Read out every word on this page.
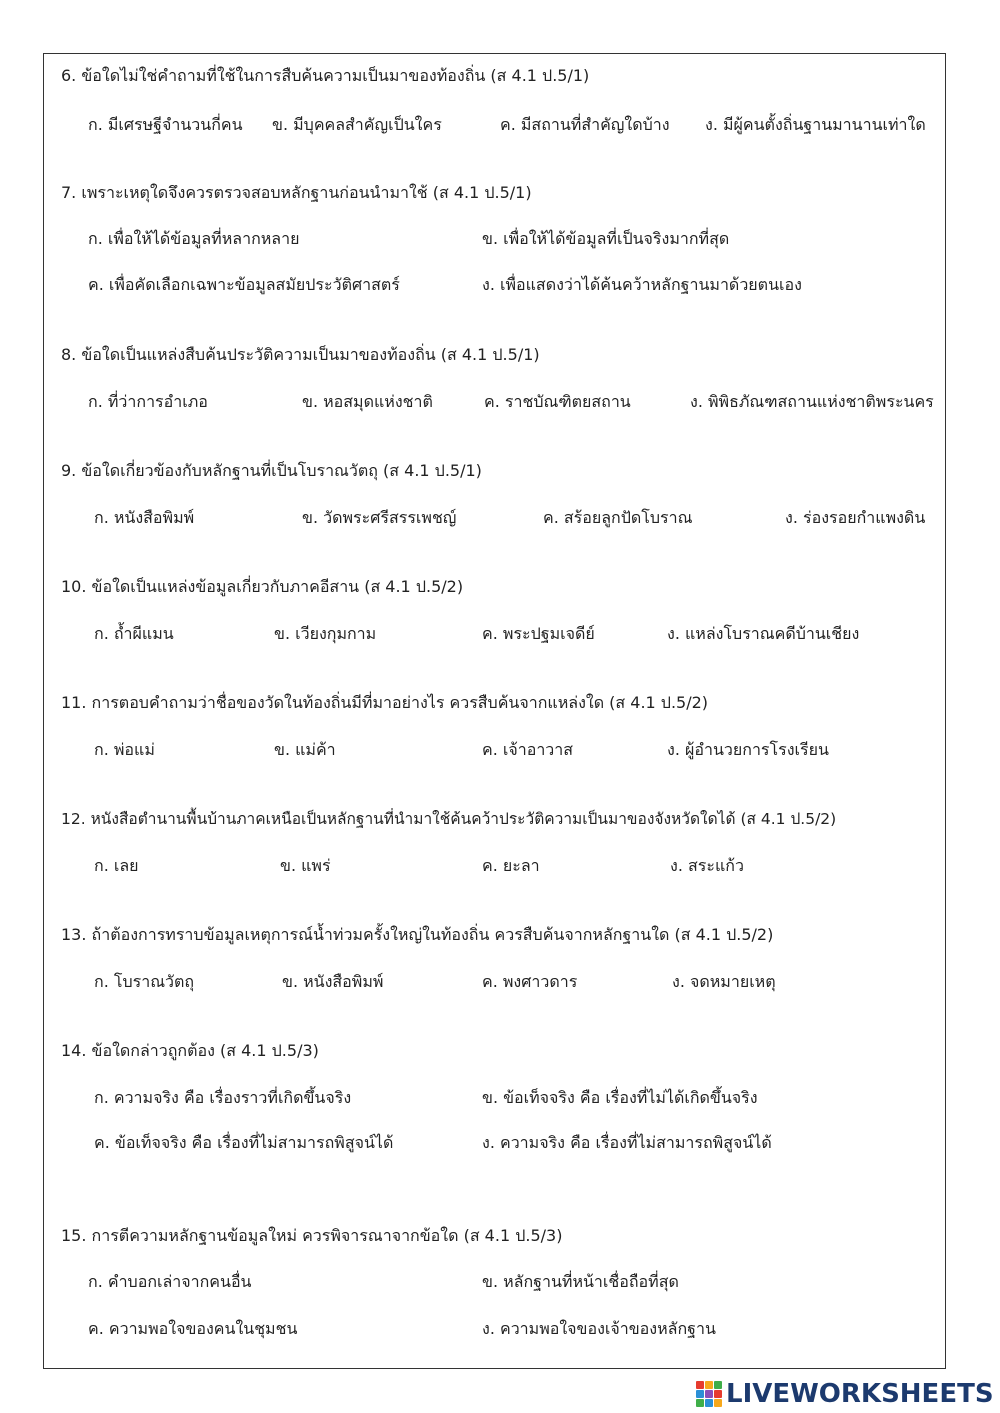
6. ข้อใดไม่ใช่คำถามที่ใช้ในการสืบค้นความเป็นมาของท้องถิ่น (ส 4.1 ป.5/1)
ก. มีเศรษฐีจำนวนกี่คน ข. มีบุคคลสำคัญเป็นใคร	ค. มีสถานที่สำคัญใดบ้าง ง. มีผู้คนตั้งถิ่นฐานมานานเท่าใด
7. เพราะเหตุใดจึงควรตรวจสอบหลักฐานก่อนนำมาใช้ (ส 4.1 ป.5/1)
ก. เพื่อให้ได้ข้อมูลที่หลากหลาย	ข. เพื่อให้ได้ข้อมูลที่เป็นจริงมากที่สุด
ค. เพื่อคัดเลือกเฉพาะข้อมูลสมัยประวัติศาสตร์	ง. เพื่อแสดงว่าได้ค้นคว้าหลักฐานมาด้วยตนเอง
8. ข้อใดเป็นแหล่งสืบค้นประวัติความเป็นมาของท้องถิ่น (ส 4.1 ป.5/1)
ก. ที่ว่าการอำเภอ	ข. หอสมุดแห่งชาติ	ค. ราชบัณฑิตยสถาน	ง. พิพิธภัณฑสถานแห่งชาติพระนคร
9. ข้อใดเกี่ยวข้องกับหลักฐานที่เป็นโบราณวัตถุ (ส 4.1 ป.5/1)
ก. หนังสือพิมพ์	ข. วัดพระศรีสรรเพชญ์	ค. สร้อยลูกปัดโบราณ	ง. ร่องรอยกำแพงดิน
10. ข้อใดเป็นแหล่งข้อมูลเกี่ยวกับภาคอีสาน (ส 4.1 ป.5/2)
ก. ถ้ำผีแมน	ข. เวียงกุมกาม	ค. พระปฐมเจดีย์	ง. แหล่งโบราณคดีบ้านเชียง
11. การตอบคำถามว่าชื่อของวัดในท้องถิ่นมีที่มาอย่างไร ควรสืบค้นจากแหล่งใด (ส 4.1 ป.5/2)
ก. พ่อแม่	ข. แม่ค้า	ค. เจ้าอาวาส	ง. ผู้อำนวยการโรงเรียน
12. หนังสือตำนานพื้นบ้านภาคเหนือเป็นหลักฐานที่นำมาใช้ค้นคว้าประวัติความเป็นมาของจังหวัดใดได้ (ส 4.1 ป.5/2)
ก. เลย	ข. แพร่	ค. ยะลา	ง. สระแก้ว
13. ถ้าต้องการทราบข้อมูลเหตุการณ์น้ำท่วมครั้งใหญ่ในท้องถิ่น ควรสืบค้นจากหลักฐานใด (ส 4.1 ป.5/2)
ก. โบราณวัตถุ	ข. หนังสือพิมพ์	ค. พงศาวดาร	ง. จดหมายเหตุ
14. ข้อใดกล่าวถูกต้อง (ส 4.1 ป.5/3)
ก. ความจริง คือ เรื่องราวที่เกิดขึ้นจริง	ข. ข้อเท็จจริง คือ เรื่องที่ไม่ได้เกิดขึ้นจริง
ค. ข้อเท็จจริง คือ เรื่องที่ไม่สามารถพิสูจน์ได้	ง. ความจริง คือ เรื่องที่ไม่สามารถพิสูจน์ได้
15. การตีความหลักฐานข้อมูลใหม่ ควรพิจารณาจากข้อใด (ส 4.1 ป.5/3)
ก. คำบอกเล่าจากคนอื่น	ข. หลักฐานที่หน้าเชื่อถือที่สุด
ค. ความพอใจของคนในชุมชน	ง. ความพอใจของเจ้าของหลักฐาน
LIVEWORKSHEETS
